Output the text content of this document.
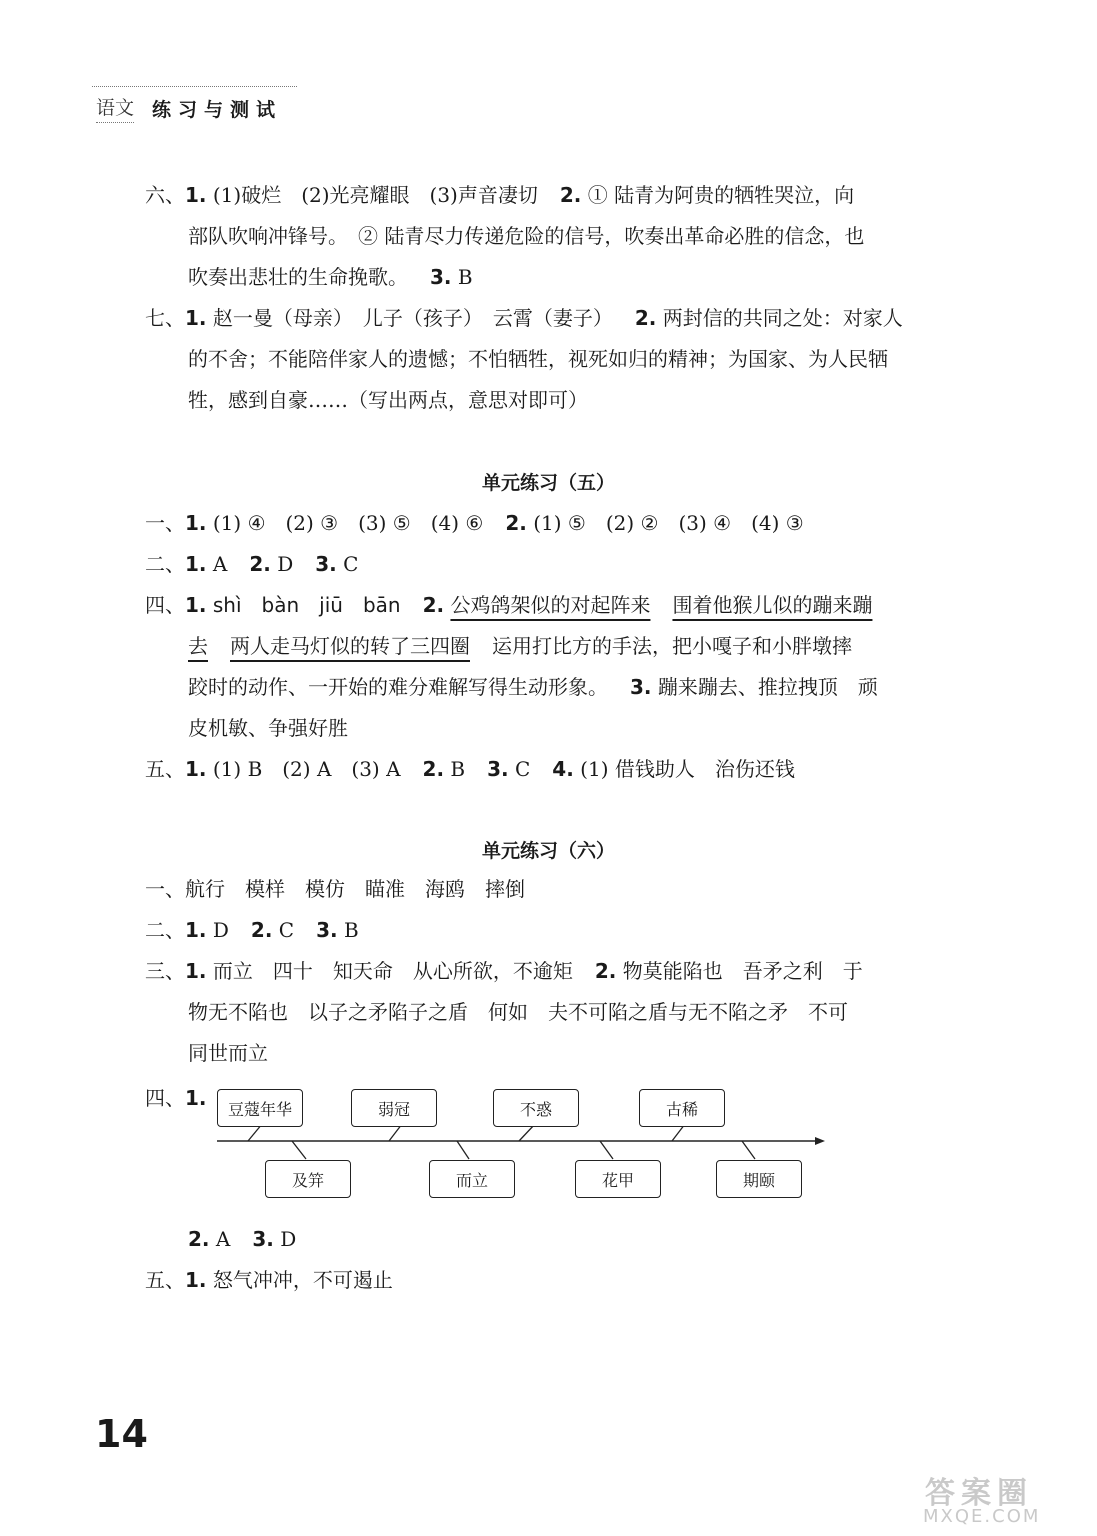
语文 练习与测试
六、1. (1)破烂　(2)光亮耀眼　(3)声音凄切 2. ① 陆青为阿贵的牺牲哭泣，向
部队吹响冲锋号。　② 陆青尽力传递危险的信号，吹奏出革命必胜的信念，也
吹奏出悲壮的生命挽歌。 3. B
七、1. 赵一曼（母亲）　儿子（孩子）　云霄（妻子） 2. 两封信的共同之处：对家人
的不舍；不能陪伴家人的遗憾；不怕牺牲，视死如归的精神；为国家、为人民牺
牲，感到自豪……（写出两点，意思对即可）
单元练习（五）
一、1. (1) ④　(2) ③　(3) ⑤　(4) ⑥ 2. (1) ⑤　(2) ②　(3) ④　(4) ③
二、1. A 2. D 3. C
四、1. shì　bàn　jiū　bān 2. 公鸡鸽架似的对起阵来 围着他猴儿似的蹦来蹦
去 两人走马灯似的转了三四圈 运用打比方的手法，把小嘎子和小胖墩摔
跤时的动作、一开始的难分难解写得生动形象。 3. 蹦来蹦去、推拉拽顶　顽
皮机敏、争强好胜
五、1. (1) B　(2) A　(3) A 2. B 3. C 4. (1) 借钱助人　治伤还钱
单元练习（六）
一、航行　模样　模仿　瞄准　海鸥　摔倒
二、1. D 2. C 3. B
三、1. 而立　四十　知天命　从心所欲，不逾矩 2. 物莫能陷也　吾矛之利　于
物无不陷也　以子之矛陷子之盾　何如　夫不可陷之盾与无不陷之矛　不可
同世而立
四、1.	豆蔻年华	弱冠	不惑	古稀
及笄	而立	花甲	期颐
2. A 3. D
五、1. 怒气冲冲，不可遏止
14
答案圈
MXQE.COM
